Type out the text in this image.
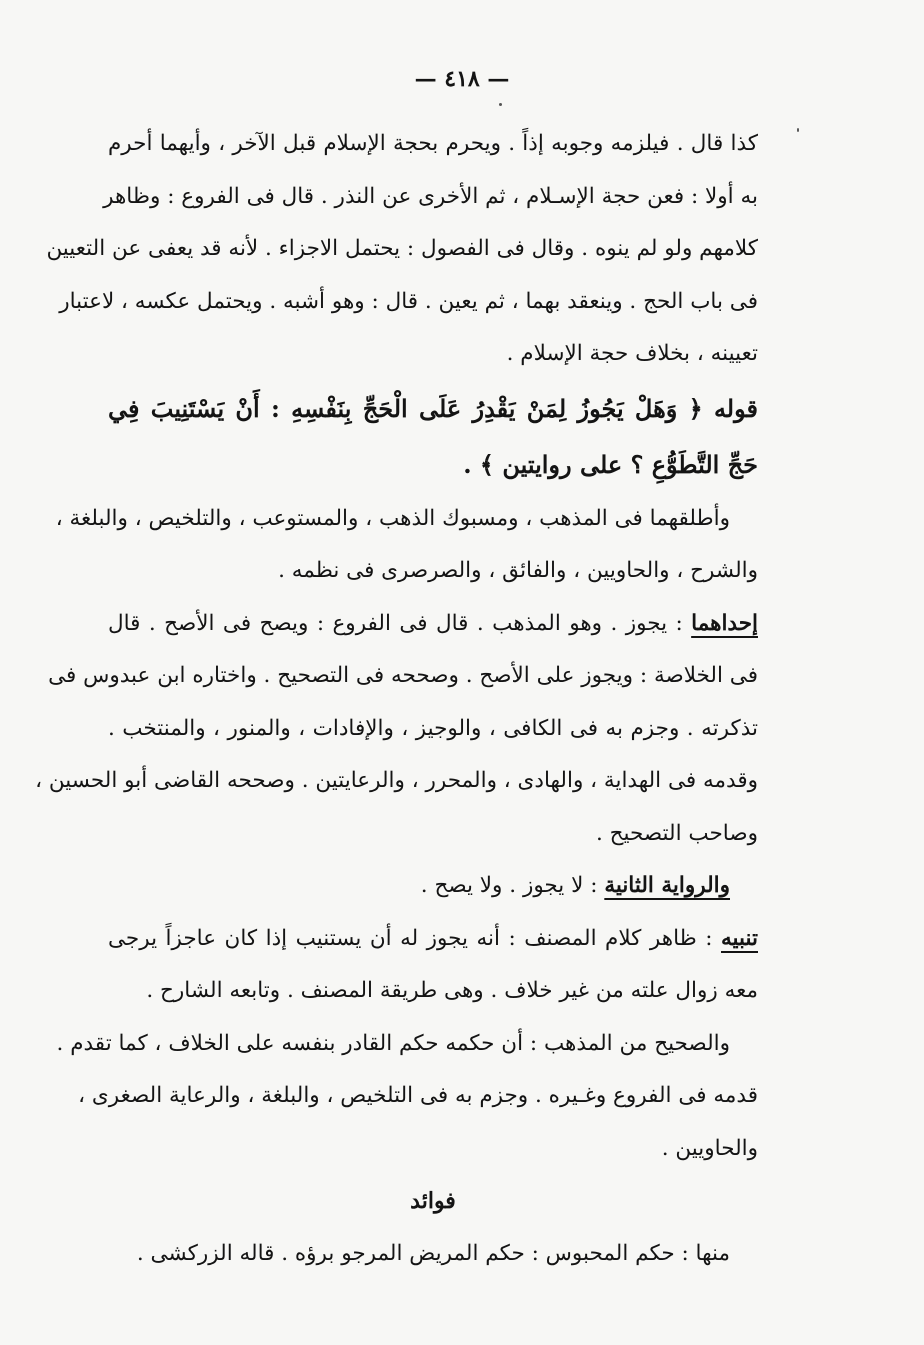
— ٤١٨ —
كذا قال . فيلزمه وجوبه إذاً . ويحرم بحجة الإسلام قبل الآخر ، وأيهما أحرم
به أولا : فعن حجة الإسـلام ، ثم الأخرى عن النذر . قال فى الفروع : وظاهر
كلامهم ولو لم ينوه . وقال فى الفصول : يحتمل الاجزاء . لأنه قد يعفى عن التعيين
فى باب الحج . وينعقد بهما ، ثم يعين . قال : وهو أشبه . ويحتمل عكسه ، لاعتبار
تعيينه ، بخلاف حجة الإسلام .
قوله ﴿ وَهَلْ يَجُوزُ لِمَنْ يَقْدِرُ عَلَى الْحَجِّ بِنَفْسِهِ : أَنْ يَسْتَنِيبَ فِي
حَجِّ التَّطَوُّعِ ؟ على روايتين ﴾ .
وأطلقهما فى المذهب ، ومسبوك الذهب ، والمستوعب ، والتلخيص ، والبلغة ،
والشرح ، والحاويين ، والفائق ، والصرصرى فى نظمه .
إحداهما : يجوز . وهو المذهب . قال فى الفروع : ويصح فى الأصح . قال
فى الخلاصة : ويجوز على الأصح . وصححه فى التصحيح . واختاره ابن عبدوس فى
تذكرته . وجزم به فى الكافى ، والوجيز ، والإفادات ، والمنور ، والمنتخب .
وقدمه فى الهداية ، والهادى ، والمحرر ، والرعايتين . وصححه القاضى أبو الحسين ،
وصاحب التصحيح .
والرواية الثانية : لا يجوز . ولا يصح .
تنبيه : ظاهر كلام المصنف : أنه يجوز له أن يستنيب إذا كان عاجزاً يرجى
معه زوال علته من غير خلاف . وهى طريقة المصنف . وتابعه الشارح .
والصحيح من المذهب : أن حكمه حكم القادر بنفسه على الخلاف ، كما تقدم .
قدمه فى الفروع وغـيره . وجزم به فى التلخيص ، والبلغة ، والرعاية الصغرى ،
والحاويين .
فوائد
منها : حكم المحبوس : حكم المريض المرجو برؤه . قاله الزركشى .
